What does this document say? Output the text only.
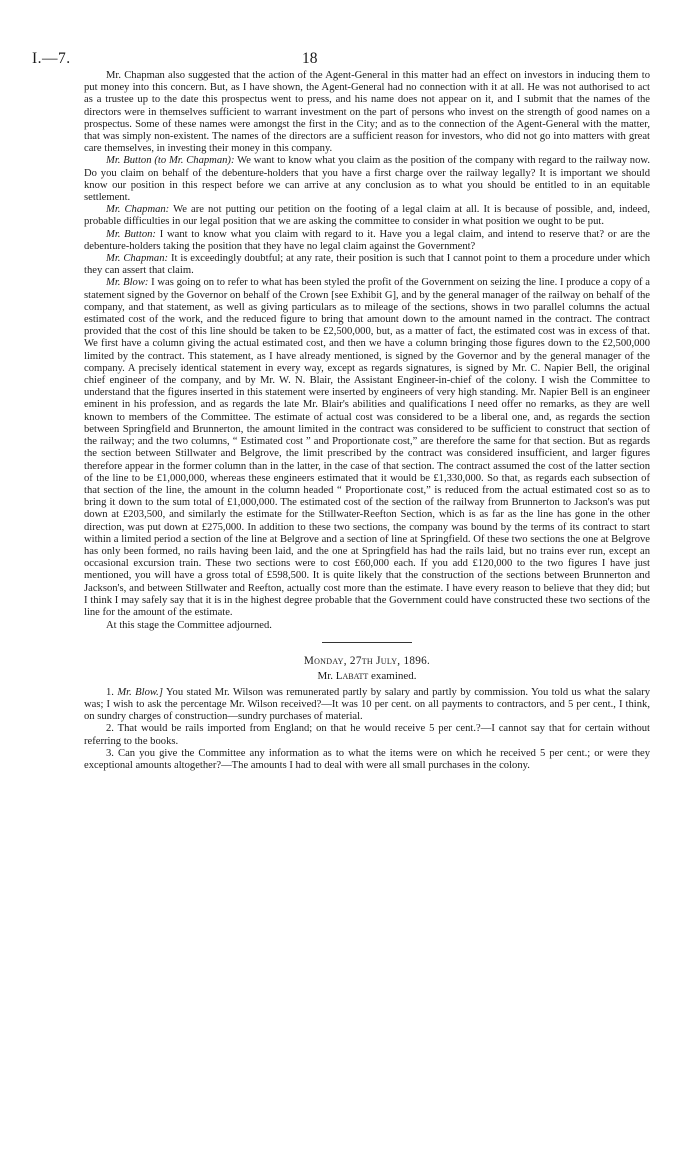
I.—7.	18

Mr. Chapman also suggested that the action of the Agent-General in this matter had an effect on investors in inducing them to put money into this concern. But, as I have shown, the Agent-General had no connection with it at all. He was not authorised to act as a trustee up to the date this prospectus went to press, and his name does not appear on it, and I submit that the names of the directors were in themselves sufficient to warrant investment on the part of persons who invest on the strength of good names on a prospectus. Some of these names were amongst the first in the City; and as to the connection of the Agent-General with the matter, that was simply non-existent. The names of the directors are a sufficient reason for investors, who did not go into matters with great care themselves, in investing their money in this company.

Mr. Button (to Mr. Chapman): We want to know what you claim as the position of the company with regard to the railway now. Do you claim on behalf of the debenture-holders that you have a first charge over the railway legally? It is important we should know our position in this respect before we can arrive at any conclusion as to what you should be entitled to in an equitable settlement.

Mr. Chapman: We are not putting our petition on the footing of a legal claim at all. It is because of possible, and, indeed, probable difficulties in our legal position that we are asking the committee to consider in what position we ought to be put.

Mr. Button: I want to know what you claim with regard to it. Have you a legal claim, and intend to reserve that? or are the debenture-holders taking the position that they have no legal claim against the Government?

Mr. Chapman: It is exceedingly doubtful; at any rate, their position is such that I cannot point to them a procedure under which they can assert that claim.

Mr. Blow: I was going on to refer to what has been styled the profit of the Government on seizing the line. I produce a copy of a statement signed by the Governor on behalf of the Crown [see Exhibit G], and by the general manager of the railway on behalf of the company, and that statement, as well as giving particulars as to mileage of the sections, shows in two parallel columns the actual estimated cost of the work, and the reduced figure to bring that amount down to the amount named in the contract. The contract provided that the cost of this line should be taken to be £2,500,000, but, as a matter of fact, the estimated cost was in excess of that. We first have a column giving the actual estimated cost, and then we have a column bringing those figures down to the £2,500,000 limited by the contract. This statement, as I have already mentioned, is signed by the Governor and by the general manager of the company. A precisely identical statement in every way, except as regards signatures, is signed by Mr. C. Napier Bell, the original chief engineer of the company, and by Mr. W. N. Blair, the Assistant Engineer-in-chief of the colony. I wish the Committee to understand that the figures inserted in this statement were inserted by engineers of very high standing. Mr. Napier Bell is an engineer eminent in his profession, and as regards the late Mr. Blair's abilities and qualifications I need offer no remarks, as they are well known to members of the Committee. The estimate of actual cost was considered to be a liberal one, and, as regards the section between Springfield and Brunnerton, the amount limited in the contract was considered to be sufficient to construct that section of the railway; and the two columns, “ Estimated cost ” and Proportionate cost,” are therefore the same for that section. But as regards the section between Stillwater and Belgrove, the limit prescribed by the contract was considered insufficient, and larger figures therefore appear in the former column than in the latter, in the case of that section. The contract assumed the cost of the latter section of the line to be £1,000,000, whereas these engineers estimated that it would be £1,330,000. So that, as regards each subsection of that section of the line, the amount in the column headed “ Proportionate cost,” is reduced from the actual estimated cost so as to bring it down to the sum total of £1,000,000. The estimated cost of the section of the railway from Brunnerton to Jackson's was put down at £203,500, and similarly the estimate for the Stillwater-Reefton Section, which is as far as the line has gone in the other direction, was put down at £275,000. In addition to these two sections, the company was bound by the terms of its contract to start within a limited period a section of the line at Belgrove and a section of line at Springfield. Of these two sections the one at Belgrove has only been formed, no rails having been laid, and the one at Springfield has had the rails laid, but no trains ever run, except an occasional excursion train. These two sections were to cost £60,000 each. If you add £120,000 to the two figures I have just mentioned, you will have a gross total of £598,500. It is quite likely that the construction of the sections between Brunnerton and Jackson's, and between Stillwater and Reefton, actually cost more than the estimate. I have every reason to believe that they did; but I think I may safely say that it is in the highest degree probable that the Government could have constructed these two sections of the line for the amount of the estimate.

At this stage the Committee adjourned.

Monday, 27th July, 1896.

Mr. Labatt examined.

1. Mr. Blow.] You stated Mr. Wilson was remunerated partly by salary and partly by commission. You told us what the salary was; I wish to ask the percentage Mr. Wilson received?—It was 10 per cent. on all payments to contractors, and 5 per cent., I think, on sundry charges of construction—sundry purchases of material.

2. That would be rails imported from England; on that he would receive 5 per cent.?—I cannot say that for certain without referring to the books.

3. Can you give the Committee any information as to what the items were on which he received 5 per cent.; or were they exceptional amounts altogether?—The amounts I had to deal with were all small purchases in the colony.
